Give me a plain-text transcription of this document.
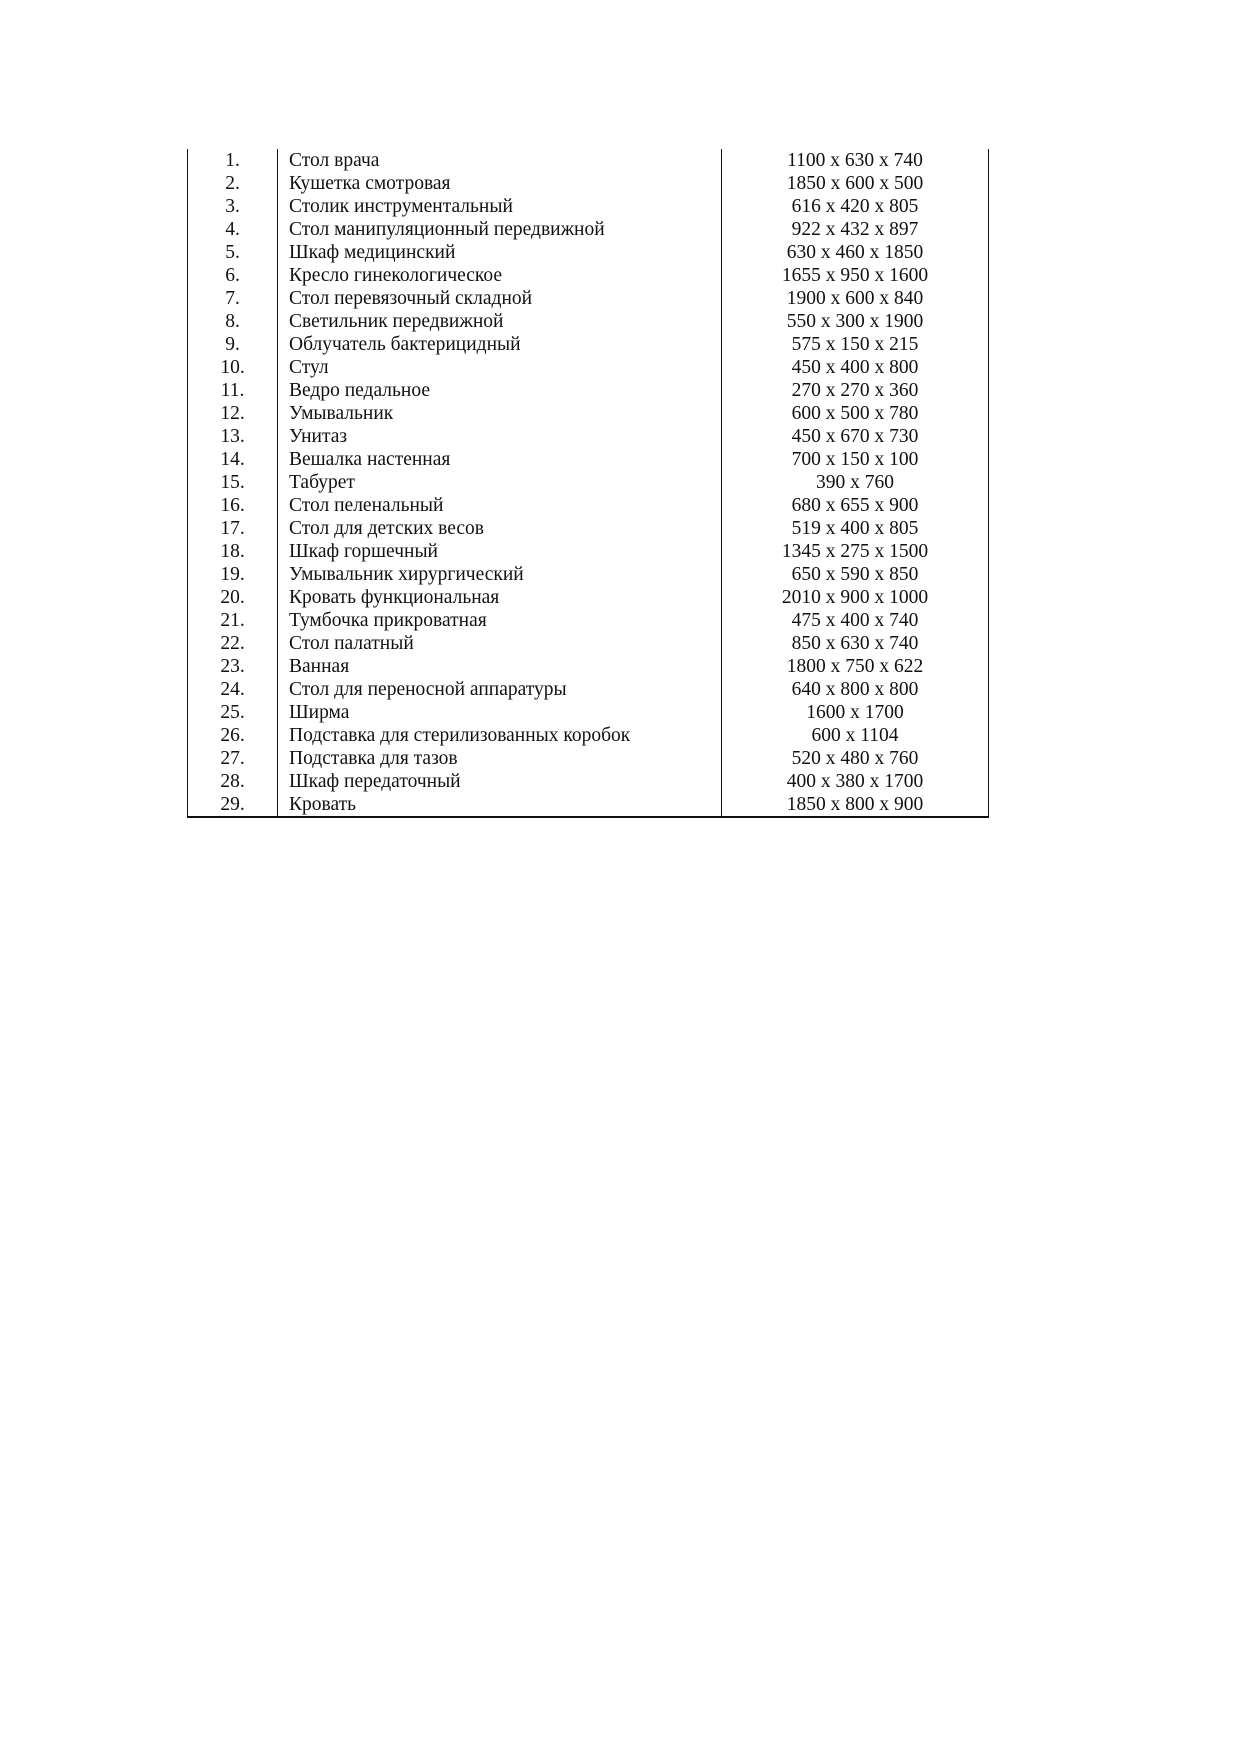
1.	Стол врача	1100 х 630 х 740
2.	Кушетка смотровая	1850 х 600 х 500
3.	Столик инструментальный	616 х 420 х 805
4.	Стол манипуляционный передвижной	922 х 432 х 897
5.	Шкаф медицинский	630 х 460 х 1850
6.	Кресло гинекологическое	1655 х 950 х 1600
7.	Стол перевязочный складной	1900 х 600 х 840
8.	Светильник передвижной	550 х 300 х 1900
9.	Облучатель бактерицидный	575 х 150 х 215
10.	Стул	450 х 400 х 800
11.	Ведро педальное	270 х 270 х 360
12.	Умывальник	600 х 500 х 780
13.	Унитаз	450 х 670 х 730
14.	Вешалка настенная	700 х 150 х 100
15.	Табурет	390 х 760
16.	Стол пеленальный	680 х 655 х 900
17.	Стол для детских весов	519 х 400 х 805
18.	Шкаф горшечный	1345 х 275 х 1500
19.	Умывальник хирургический	650 х 590 х 850
20.	Кровать функциональная	2010 х 900 х 1000
21.	Тумбочка прикроватная	475 х 400 х 740
22.	Стол палатный	850 х 630 х 740
23.	Ванная	1800 х 750 х 622
24.	Стол для переносной аппаратуры	640 х 800 х 800
25.	Ширма	1600 х 1700
26.	Подставка для стерилизованных коробок	600 х 1104
27.	Подставка для тазов	520 х 480 х 760
28.	Шкаф передаточный	400 х 380 х 1700
29.	Кровать	1850 х 800 х 900
